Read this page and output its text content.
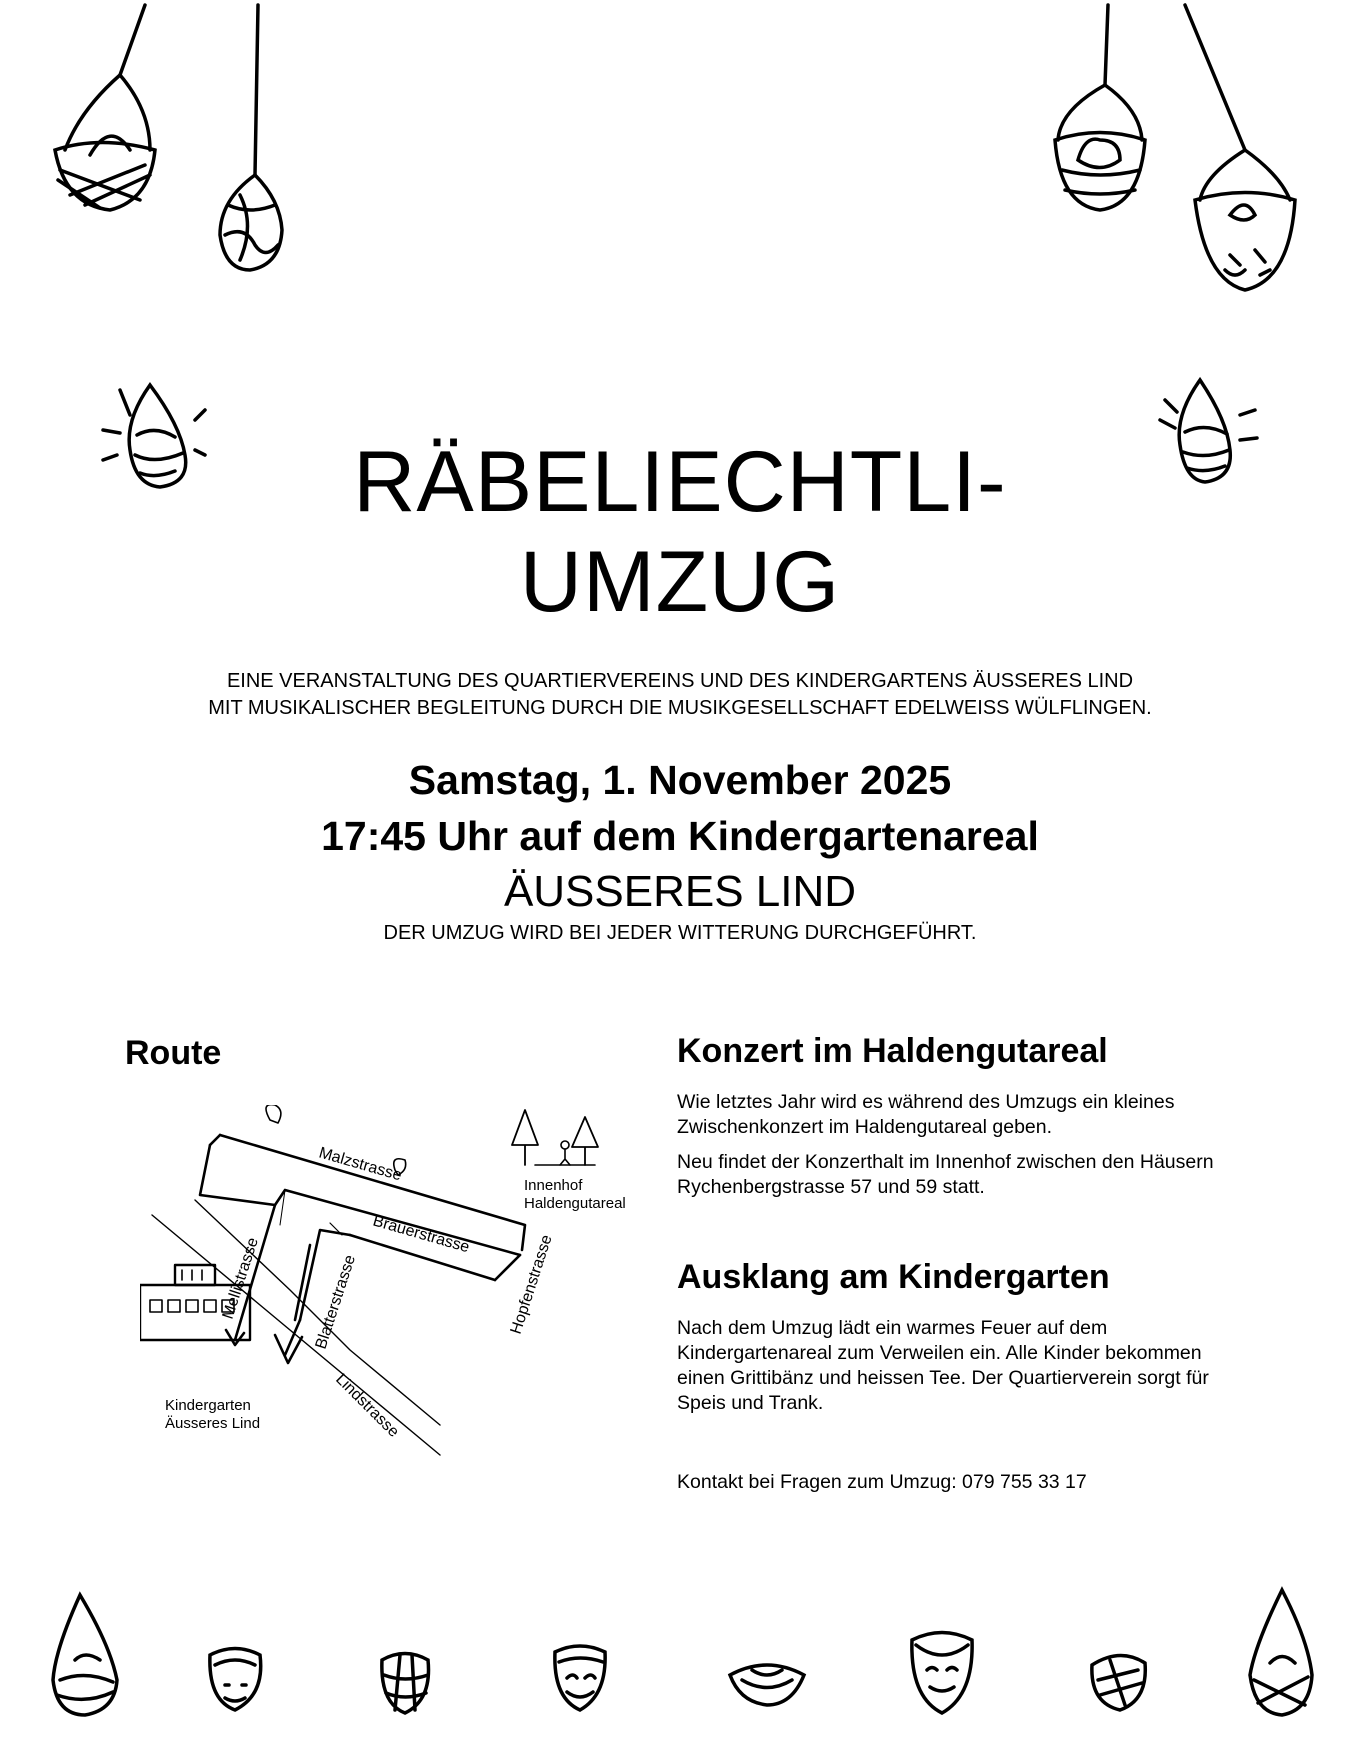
RÄBELIECHTLI-
UMZUG
EINE VERANSTALTUNG DES QUARTIERVEREINS UND DES KINDERGARTENS ÄUSSERES LIND
MIT MUSIKALISCHER BEGLEITUNG DURCH DIE MUSIKGESELLSCHAFT EDELWEISS WÜLFLINGEN.
Samstag, 1. November 2025
17:45 Uhr auf dem Kindergartenareal
ÄUSSERES LIND
DER UMZUG WIRD BEI JEDER WITTERUNG DURCHGEFÜHRT.
Route
Malzstrasse
Brauerstrasse Hopfenstrasse
Mellistrasse	Blatterstrasse
Lindstrasse
Innenhof
Haldengutareal
Kindergarten
Äusseres Lind
Konzert im Haldengutareal

Wie letztes Jahr wird es während des Umzugs ein kleines Zwischenkonzert im Haldengutareal geben.

Neu findet der Konzerthalt im Innenhof zwischen den Häusern Rychenbergstrasse 57 und 59 statt.

Ausklang am Kindergarten

Nach dem Umzug lädt ein warmes Feuer auf dem Kindergartenareal zum Verweilen ein. Alle Kinder bekommen einen Grittibänz und heissen Tee. Der Quartierverein sorgt für Speis und Trank.

Kontakt bei Fragen zum Umzug: 079 755 33 17
